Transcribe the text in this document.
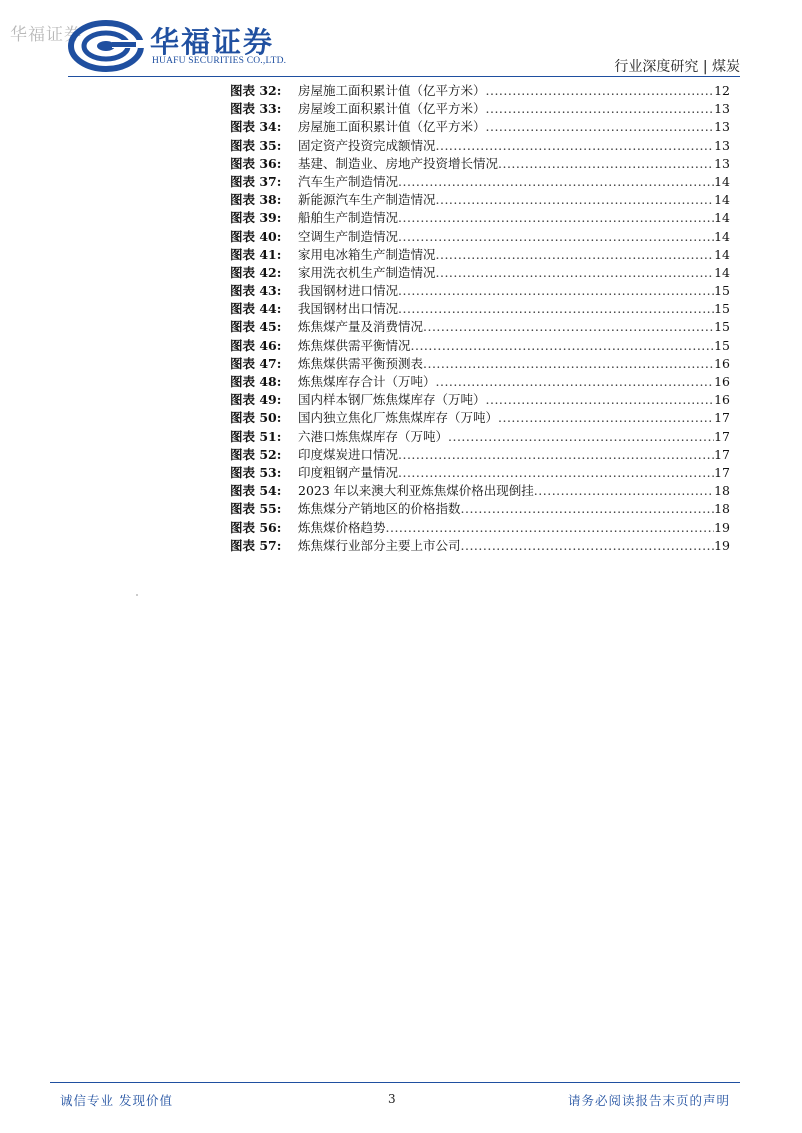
华福证券 华福证券
HUAFU SECURITIES CO.,LTD.	行业深度研究 | 煤炭
图表 32:	房屋施工面积累计值（亿平方米） .....	12
图表 33:	房屋竣工面积累计值（亿平方米） .....	13
图表 34:	房屋施工面积累计值（亿平方米） .....	13
图表 35:	固定资产投资完成额情况 .....	13
图表 36:	基建、制造业、房地产投资增长情况 .....	13
图表 37:	汽车生产制造情况 .....	14
图表 38:	新能源汽车生产制造情况 .....	14
图表 39:	船舶生产制造情况 .....	14
图表 40:	空调生产制造情况 .....	14
图表 41:	家用电冰箱生产制造情况 .....	14
图表 42:	家用洗衣机生产制造情况 .....	14
图表 43:	我国钢材进口情况 .....	15
图表 44:	我国钢材出口情况 .....	15
图表 45:	炼焦煤产量及消费情况 .....	15
图表 46:	炼焦煤供需平衡情况 .....	15
图表 47:	炼焦煤供需平衡预测表 .....	16
图表 48:	炼焦煤库存合计（万吨） .....	16
图表 49:	国内样本钢厂炼焦煤库存（万吨） .....	16
图表 50:	国内独立焦化厂炼焦煤库存（万吨） .....	17
图表 51:	六港口炼焦煤库存（万吨） .....	17
图表 52:	印度煤炭进口情况 .....	17
图表 53:	印度粗钢产量情况 .....	17
图表 54:	2023 年以来澳大利亚炼焦煤价格出现倒挂 .....	18
图表 55:	炼焦煤分产销地区的价格指数 .....	18
图表 56:	炼焦煤价格趋势 .....	19
图表 57:	炼焦煤行业部分主要上市公司 .....	19
诚信专业 发现价值	3	请务必阅读报告末页的声明
